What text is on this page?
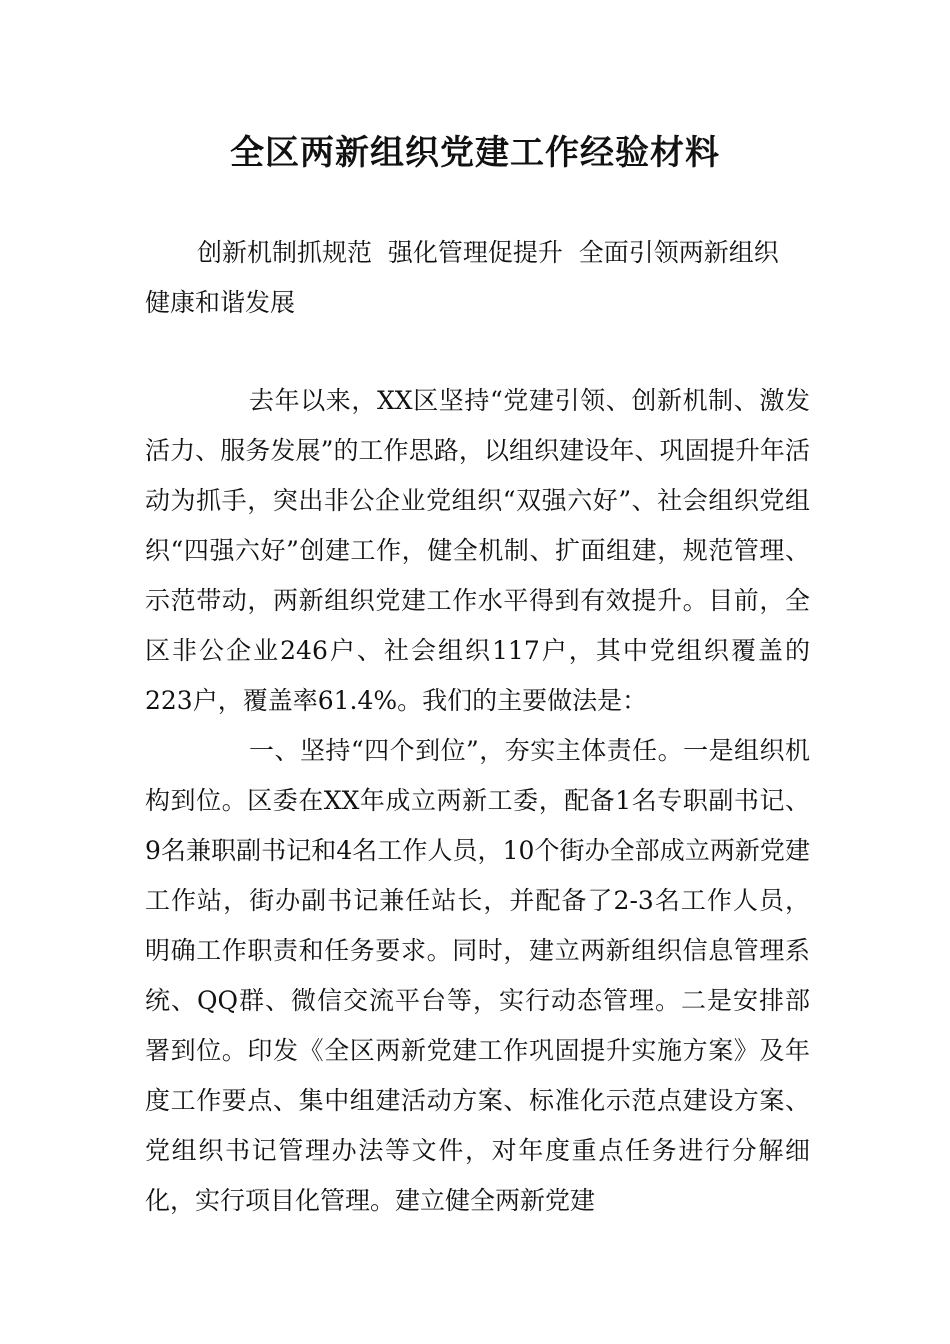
全区两新组织党建工作经验材料

创新机制抓规范  强化管理促提升  全面引领两新组织
健康和谐发展

去年以来，XX区坚持“党建引领、创新机制、激发活力、服务发展”的工作思路，以组织建设年、巩固提升年活动为抓手，突出非公企业党组织“双强六好”、社会组织党组织“四强六好”创建工作，健全机制、扩面组建，规范管理、示范带动，两新组织党建工作水平得到有效提升。目前，全区非公企业246户、社会组织117户，其中党组织覆盖的223户，覆盖率61.4%。我们的主要做法是：

一、坚持“四个到位”，夯实主体责任。一是组织机构到位。区委在XX年成立两新工委，配备1名专职副书记、9名兼职副书记和4名工作人员，10个街办全部成立两新党建工作站，街办副书记兼任站长，并配备了2-3名工作人员，明确工作职责和任务要求。同时，建立两新组织信息管理系统、QQ群、微信交流平台等，实行动态管理。二是安排部署到位。印发《全区两新党建工作巩固提升实施方案》及年度工作要点、集中组建活动方案、标准化示范点建设方案、党组织书记管理办法等文件，对年度重点任务进行分解细化，实行项目化管理。建立健全两新党建
